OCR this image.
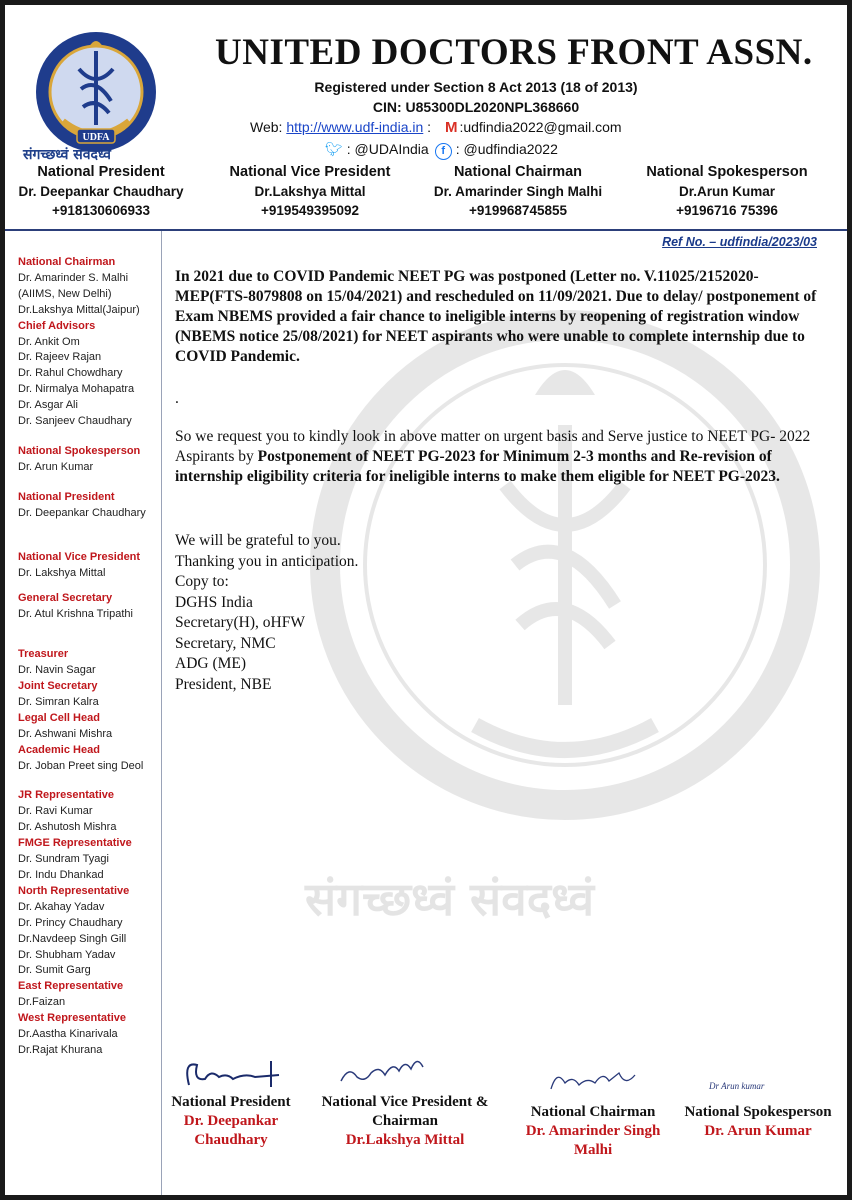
संगच्छध्वं संवदध्वं
UDFA
संगच्छध्वं संवदध्वं
UNITED DOCTORS FRONT ASSN.
Registered under Section 8 Act 2013 (18 of 2013)
CIN: U85300DL2020NPL368660
Web: http://www.udf-india.in : M :udfindia2022@gmail.com
🐦︎ : @UDAIndia f : @udfindia2022
National President
Dr. Deepankar Chaudhary
+918130606933
National Vice President
Dr.Lakshya Mittal
+919549395092
National Chairman
Dr. Amarinder Singh Malhi
+919968745855
National Spokesperson
Dr.Arun Kumar
+9196716 75396
Ref No. – udfindia/2023/03
National Chairman
Dr. Amarinder S. Malhi
(AIIMS, New Delhi)
Dr.Lakshya Mittal(Jaipur)
Chief Advisors
Dr. Ankit Om
Dr. Rajeev Rajan
Dr. Rahul Chowdhary
Dr. Nirmalya Mohapatra
Dr. Asgar Ali
Dr. Sanjeev Chaudhary
National Spokesperson
Dr. Arun Kumar
National President
Dr. Deepankar Chaudhary
National Vice President
Dr. Lakshya Mittal
General Secretary
Dr. Atul Krishna Tripathi
Treasurer
Dr. Navin Sagar
Joint Secretary
Dr. Simran Kalra
Legal Cell Head
Dr. Ashwani Mishra
Academic Head
Dr. Joban Preet sing Deol
JR Representative
Dr. Ravi Kumar
Dr. Ashutosh Mishra
FMGE Representative
Dr. Sundram Tyagi
Dr. Indu Dhankad
North Representative
Dr. Akahay Yadav
Dr. Princy Chaudhary
Dr.Navdeep Singh Gill
Dr. Shubham Yadav
Dr. Sumit Garg
East Representative
Dr.Faizan
West Representative
Dr.Aastha Kinarivala
Dr.Rajat Khurana
In 2021 due to COVID Pandemic NEET PG was postponed (Letter no. V.11025/2152020-MEP(FTS-8079808 on 15/04/2021) and rescheduled on 11/09/2021. Due to delay/ postponement of Exam NBEMS provided a fair chance to ineligible interns by reopening of registration window (NBEMS notice 25/08/2021) for NEET aspirants who were unable to complete internship due to COVID Pandemic.
.
So we request you to kindly look in above matter on urgent basis and Serve justice to NEET PG- 2022 Aspirants by Postponement of NEET PG-2023 for Minimum 2-3 months and Re-revision of internship eligibility criteria for ineligible interns to make them eligible for NEET PG-2023.
We will be grateful to you.
Thanking you in anticipation.
Copy to:
DGHS India
Secretary(H), oHFW
Secretary, NMC
ADG (ME)
President, NBE
Dr Arun kumar
National President
Dr. Deepankar
Chaudhary
National Vice President &
Chairman
Dr.Lakshya Mittal
National Chairman
Dr. Amarinder Singh
Malhi
National Spokesperson
Dr. Arun Kumar
